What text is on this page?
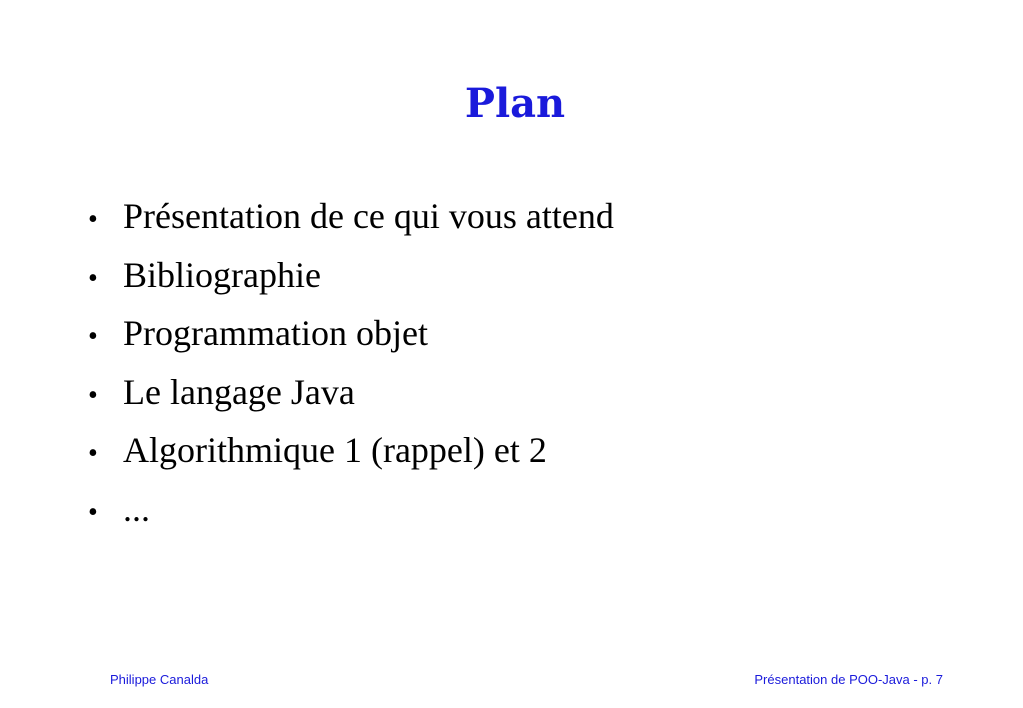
Plan
• Présentation de ce qui vous attend
• Bibliographie
• Programmation objet
• Le langage Java
• Algorithmique 1 (rappel) et 2
• ...
Philippe Canalda	Présentation de POO-Java - p. 7
